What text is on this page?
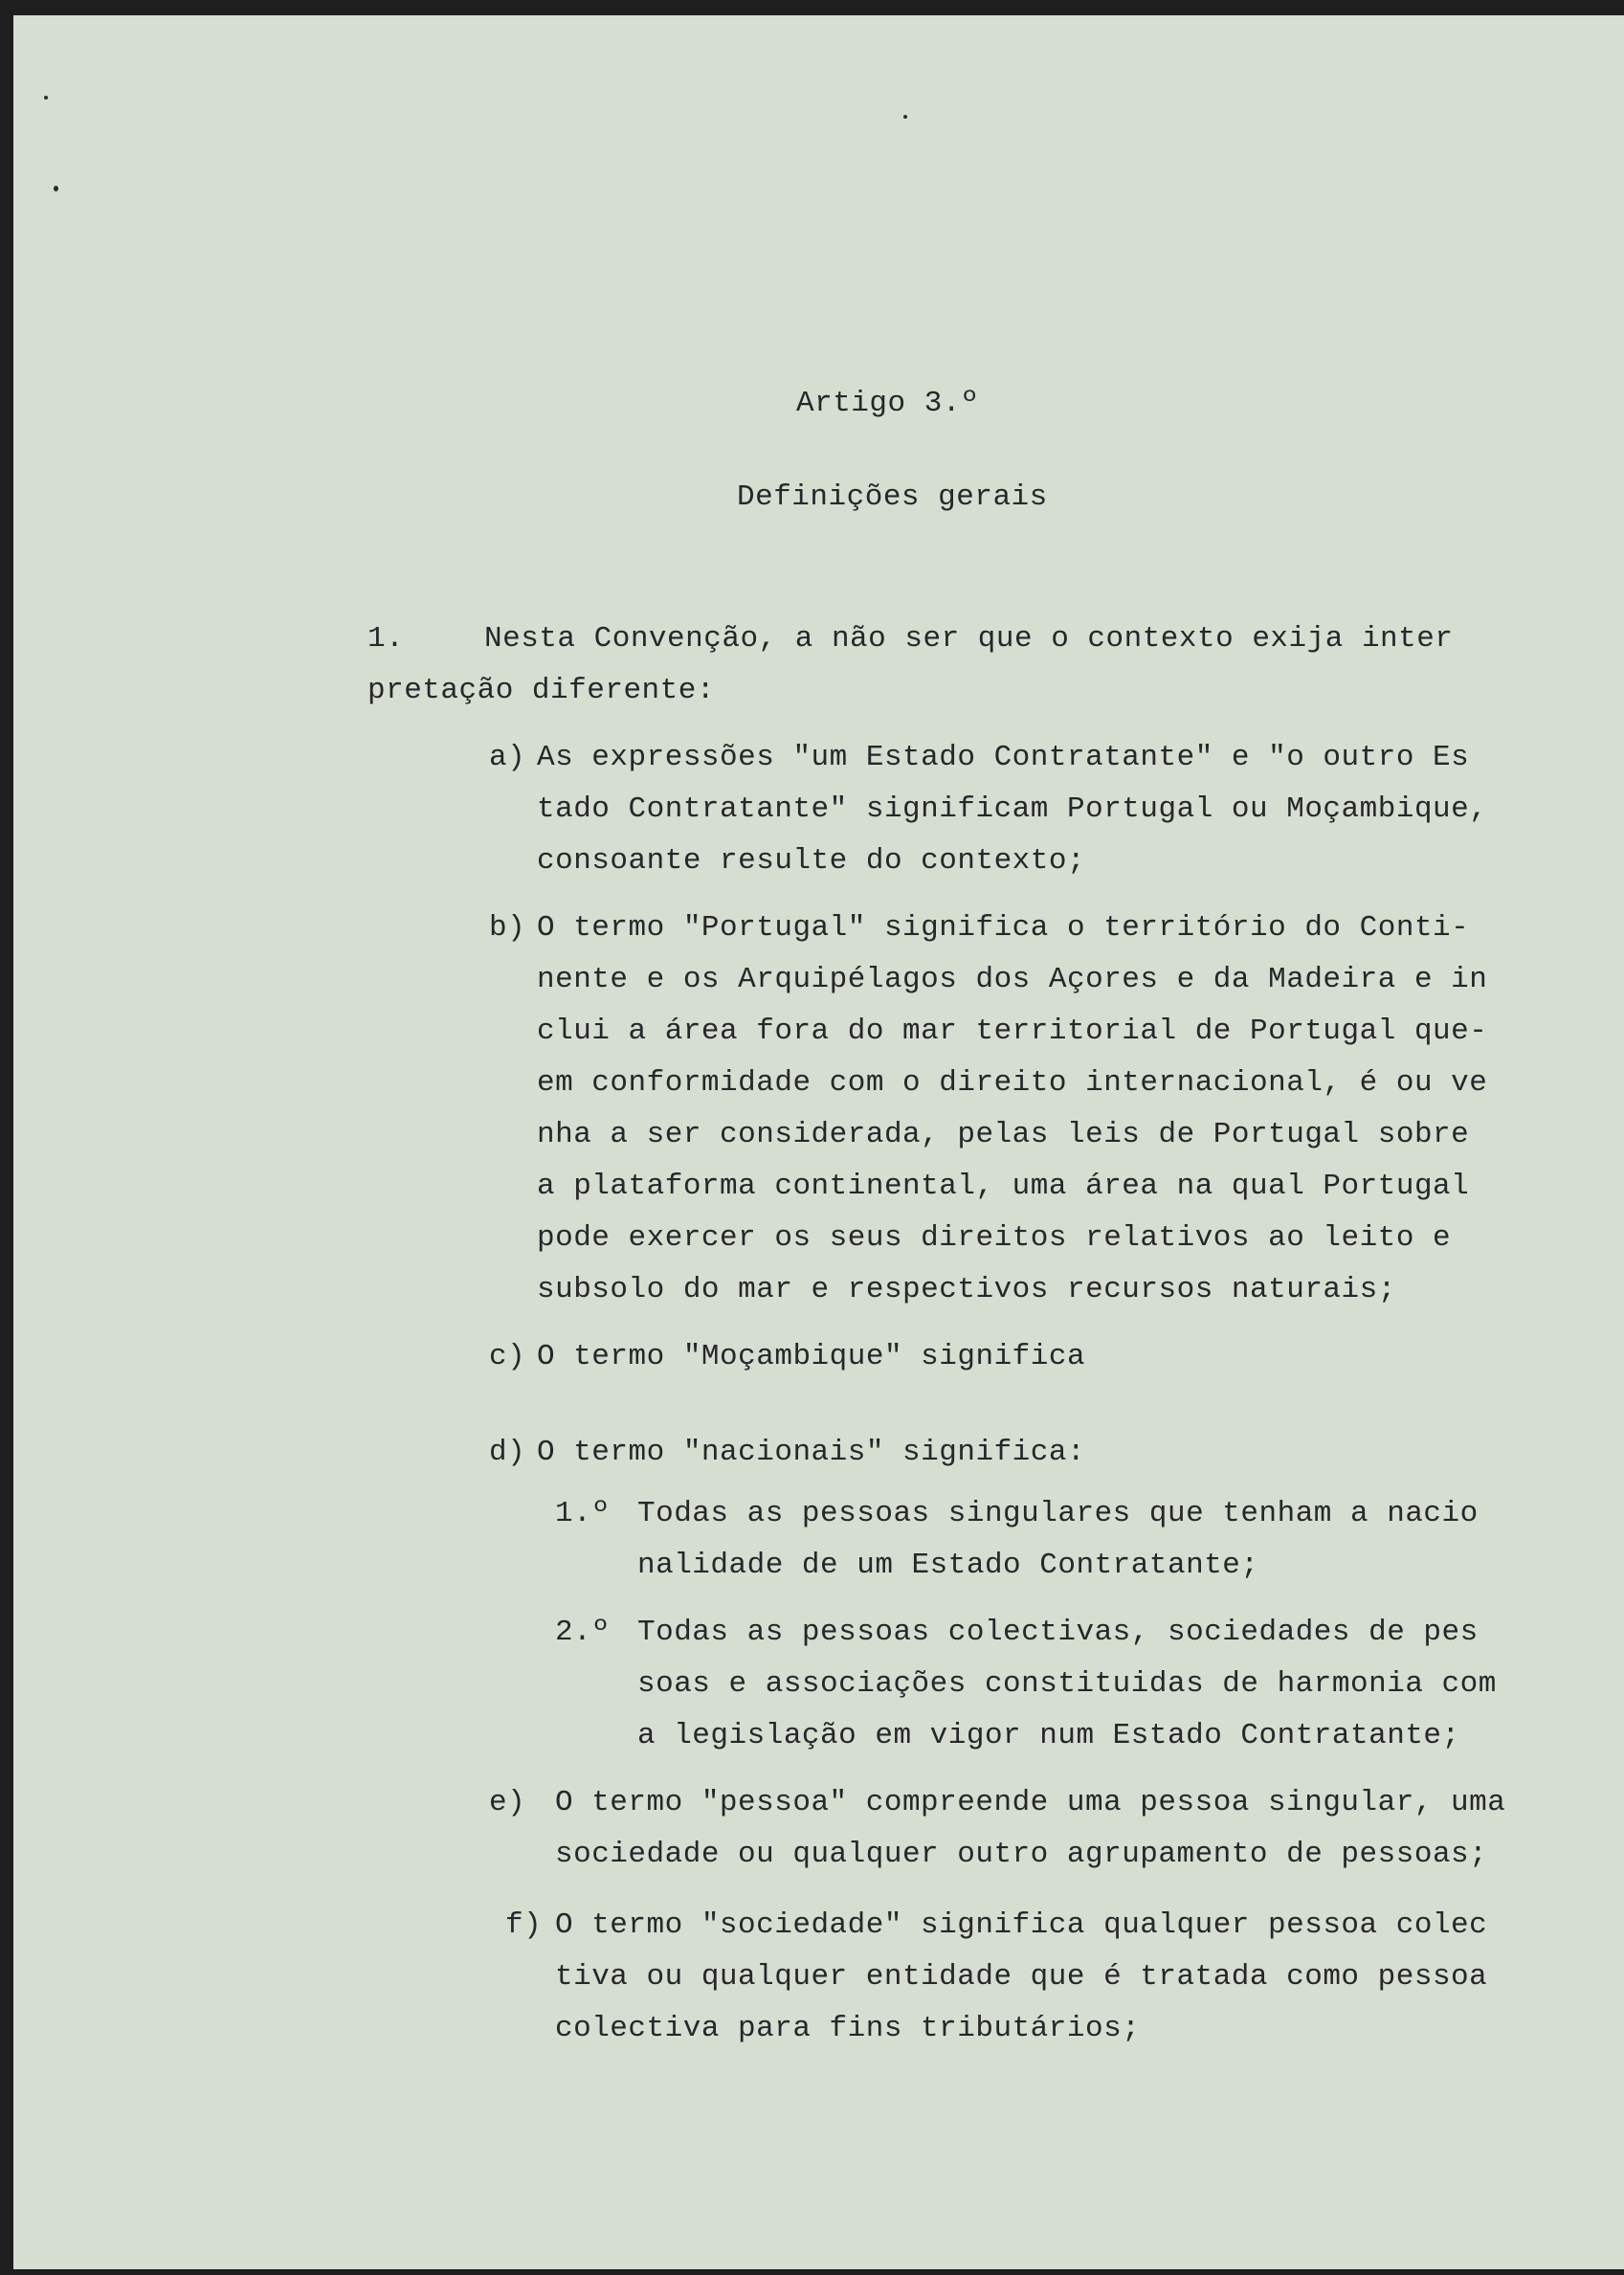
Artigo 3.º
Definições gerais
1.	Nesta Convenção, a não ser que o contexto exija inter
pretação diferente:
a) As expressões "um Estado Contratante" e "o outro Es
tado Contratante" significam Portugal ou Moçambique,
consoante resulte do contexto;
b) O termo "Portugal" significa o território do Conti-
nente e os Arquipélagos dos Açores e da Madeira e in
clui a área fora do mar territorial de Portugal que-
em conformidade com o direito internacional, é ou ve
nha a ser considerada, pelas leis de Portugal sobre
a plataforma continental, uma área na qual Portugal
pode exercer os seus direitos relativos ao leito e
subsolo do mar e respectivos recursos naturais;
c) O termo "Moçambique" significa
d) O termo "nacionais" significa:
1.º Todas as pessoas singulares que tenham a nacio
nalidade de um Estado Contratante;
2.º Todas as pessoas colectivas, sociedades de pes
soas e associações constituidas de harmonia com
a legislação em vigor num Estado Contratante;
e) O termo "pessoa" compreende uma pessoa singular, uma
sociedade ou qualquer outro agrupamento de pessoas;
f) O termo "sociedade" significa qualquer pessoa colec
tiva ou qualquer entidade que é tratada como pessoa
colectiva para fins tributários;
